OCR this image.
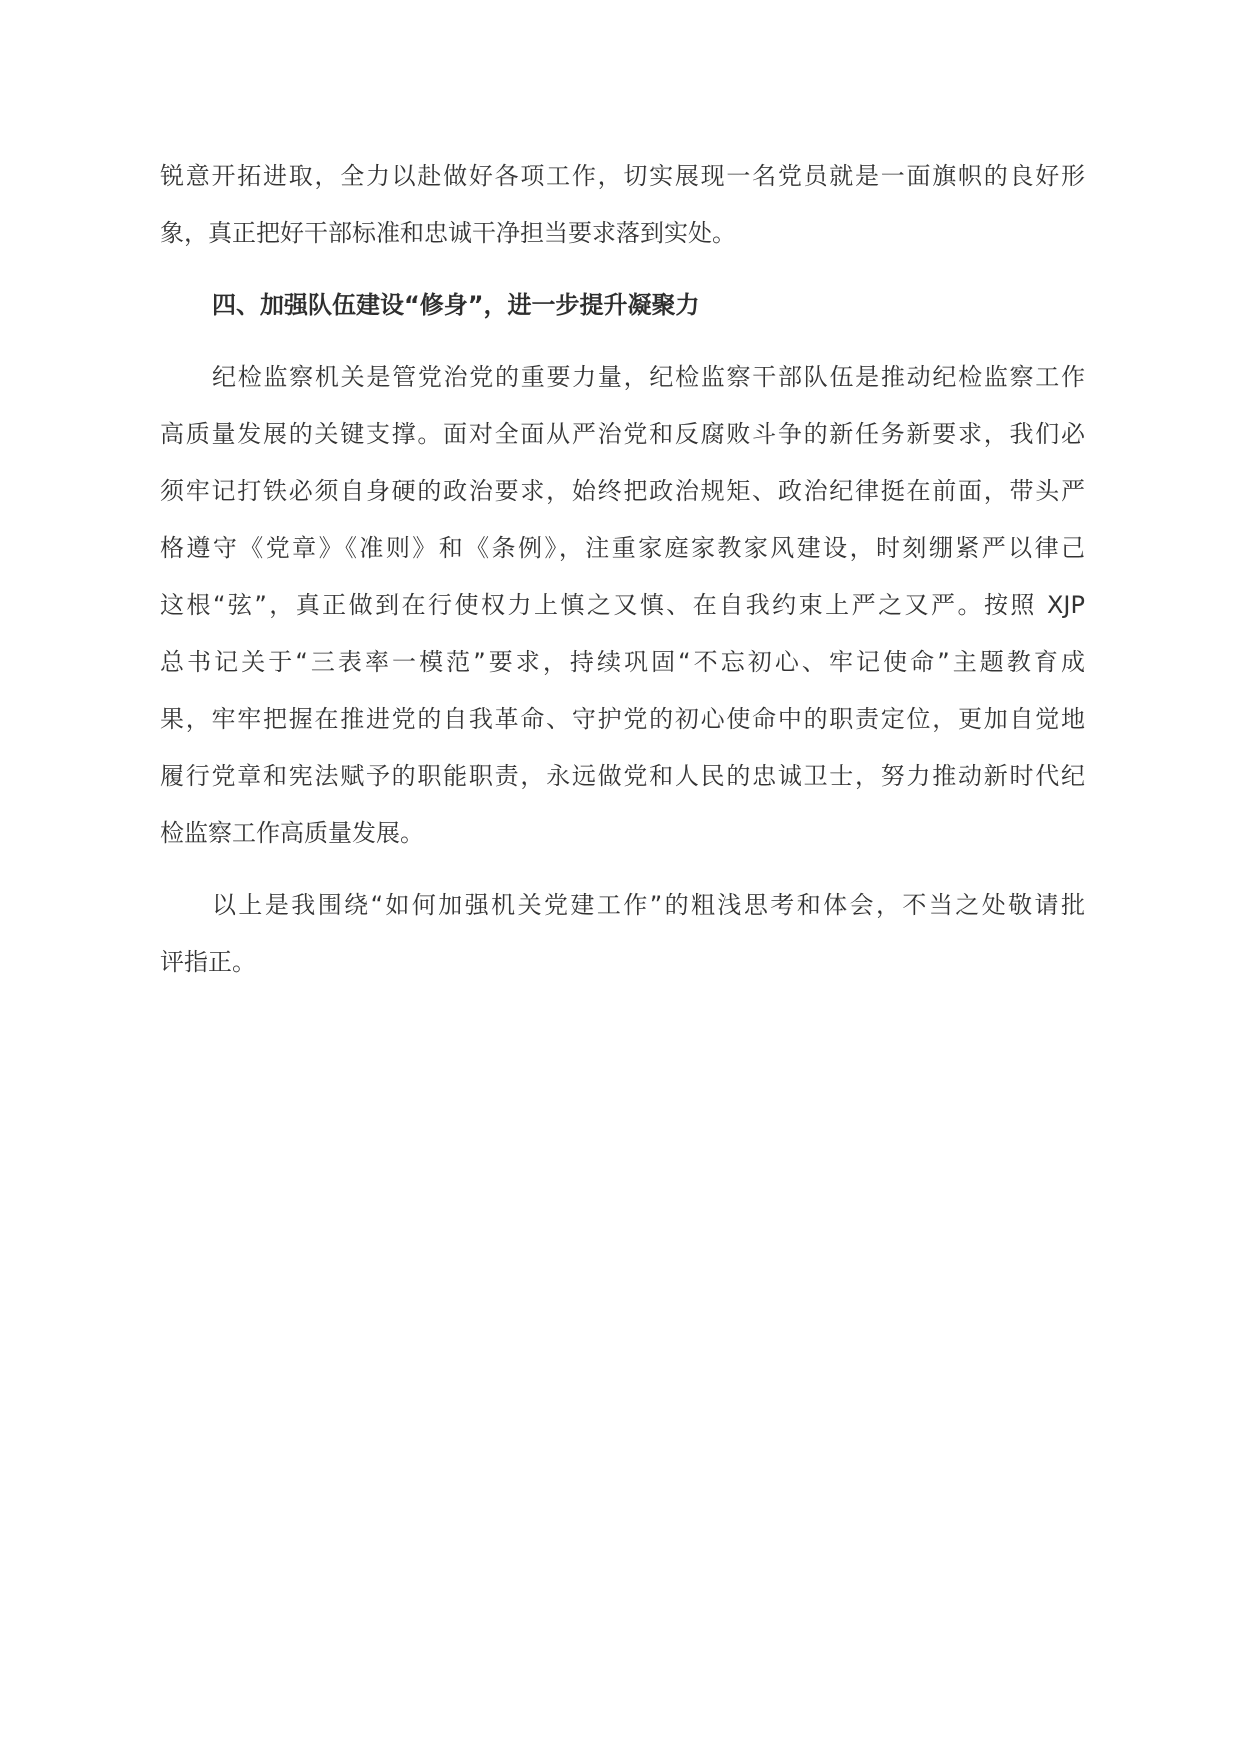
锐意开拓进取，全力以赴做好各项工作，切实展现一名党员就是一面旗帜的良好形

象，真正把好干部标准和忠诚干净担当要求落到实处。

四、加强队伍建设“修身”，进一步提升凝聚力

纪检监察机关是管党治党的重要力量，纪检监察干部队伍是推动纪检监察工作

高质量发展的关键支撑。面对全面从严治党和反腐败斗争的新任务新要求，我们必

须牢记打铁必须自身硬的政治要求，始终把政治规矩、政治纪律挺在前面，带头严

格遵守《党章》《准则》和《条例》，注重家庭家教家风建设，时刻绷紧严以律己

这根“弦”，真正做到在行使权力上慎之又慎、在自我约束上严之又严。按照 XJP

总书记关于“三表率一模范”要求，持续巩固“不忘初心、牢记使命”主题教育成

果，牢牢把握在推进党的自我革命、守护党的初心使命中的职责定位，更加自觉地

履行党章和宪法赋予的职能职责，永远做党和人民的忠诚卫士，努力推动新时代纪

检监察工作高质量发展。

以上是我围绕“如何加强机关党建工作”的粗浅思考和体会，不当之处敬请批

评指正。
